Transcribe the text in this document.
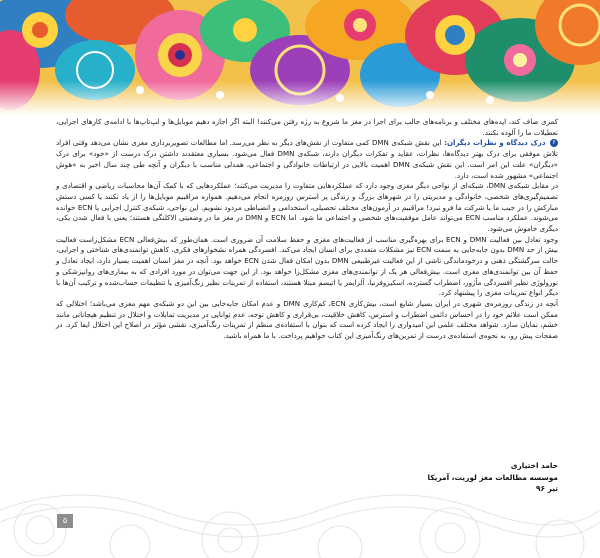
کمری صاف کند، ایده‌های مختلف و برنامه‌های جالب برای اجرا در مغز ما شروع به رژه رفتن می‌کنند! البته اگر اجازه دهیم موبایل‌ها و لپ‌تاپ‌ها با ادامه‌ی کارهای اجرایی، تعطیلات ما را آلوده نکنند.

۶ درک دیدگاه و نظرات دیگران: این نقش شبکه‌ی DMN کمی متفاوت از نقش‌های دیگر به نظر می‌رسد. اما مطالعات تصویربرداری مغزی نشان می‌دهد وقتی افراد تلاش موفقی برای درک بهتر دیدگاه‌ها، نظرات، عقاید و تفکرات دیگران دارند، شبکه‌ی DMN فعال می‌شود. بسیاری معتقدند داشتن درک درست از «خود» برای درک «دیگران» علت این امر است. این نقش شبکه‌ی DMN اهمیت بالایی در ارتباطات خانوادگی و اجتماعی، همدلی مناسب با دیگران و آنچه طی چند سال اخیر به «هوش اجتماعی» مشهور شده است، دارد.

در مقابل شبکه‌ی DMN، شبکه‌ای از نواحی دیگر مغزی وجود دارد که عملکردهایی متفاوت را مدیریت می‌کنند؛ عملکردهایی که با کمک آن‌ها محاسبات ریاضی و اقتصادی و تصمیم‌گیری‌های شخصی، خانوادگی و مدیریتی را در شهرهای بزرگ و زندگی پر استرس روزمره انجام می‌دهیم. همواره مراقبیم موبایل‌ها را از یاد نکنند یا کسی دستش مبارکش را در جیب ما یا شرکت ما فرو نبرد! مراقبیم در آزمون‌های مختلف تحصیلی، استخدامی و انضباطی مردود نشویم. این نواحی، شبکه‌ی کنترل اجرایی یا ECN خوانده می‌شوند. عملکرد مناسب ECN می‌تواند عامل موفقیت‌های شخصی و اجتماعی ما شود. اما ECN و DMN در مغز ما در وضعیتی الاکلنگی هستند؛ یعنی با فعال شدن یکی، دیگری خاموش می‌شود.

وجود تعادل بین فعالیت DMN و ECN برای بهره‌گیری مناسب از فعالیت‌های مغزی و حفظ سلامت آن ضروری است. همان‌طور که بیش‌فعالی ECN مشکل‌زاست فعالیت بیش از حد DMN بدون جابه‌جایی به سمت ECN نیز مشکلات متعددی برای انسان ایجاد می‌کند. افسردگی همراه نشخوارهای فکری، کاهش توانمندی‌های شناختی و اجرایی، حالت سرگشتگی ذهنی و درخودماندگی ناشی از این فعالیت غیرطبیعی DMN بدون امکان فعال شدن ECN خواهد بود. آنچه در مغز انسان اهمیت بسیار دارد، ایجاد تعادل و حفظ آن بین توانمندی‌های مغزی است. بیش‌فعالی هر یک از توانمندی‌های مغزی مشکل‌زا خواهد بود. از این جهت می‌توان در مورد افرادی که به بیماری‌های روانپزشکی و نورولوژی نظیر افسردگی مأژور، اضطراب گسترده، اسکیزوفرنیا، آلزایمر یا اتیسم مبتلا هستند، استفاده از تمرینات نظیر رنگ‌آمیزی یا تنظیمات حساب‌شده و ترکیب آن‌ها با دیگر انواع تمرینات مغزی را پیشنهاد کرد.

آنچه در زندگی روزمره‌ی شهری در ایران بسیار شایع است، بیش‌کاری ECN، کم‌کاری DMN و عدم امکان جابه‌جایی بین این دو شبکه‌ی مهم مغزی می‌باشد؛ اختلالی که ممکن است علائم خود را در احساس دائمی اضطراب و استرس، کاهش خلاقیت، بی‌قراری و کاهش توجه، عدم توانایی در مدیریت تمایلات و اختلال در تنظیم هیجاناتی مانند خشم، نمایان سازد. شواهد مختلف علمی این امیدواری را ایجاد کرده است که بتوان با استفاده‌ی منظم از تمرینات رنگ‌آمیزی، نقشی مؤثر در اصلاح این اختلال ایفا کرد. در صفحات پیش رو، به نحوه‌ی استفاده‌ی درست از تمرین‌های رنگ‌آمیزی این کتاب خواهیم پرداخت. با ما همراه باشید.

حامد اختیاری
موسسه مطالعات مغز لوریت، آمریکا
تیر ۹۶
۵
